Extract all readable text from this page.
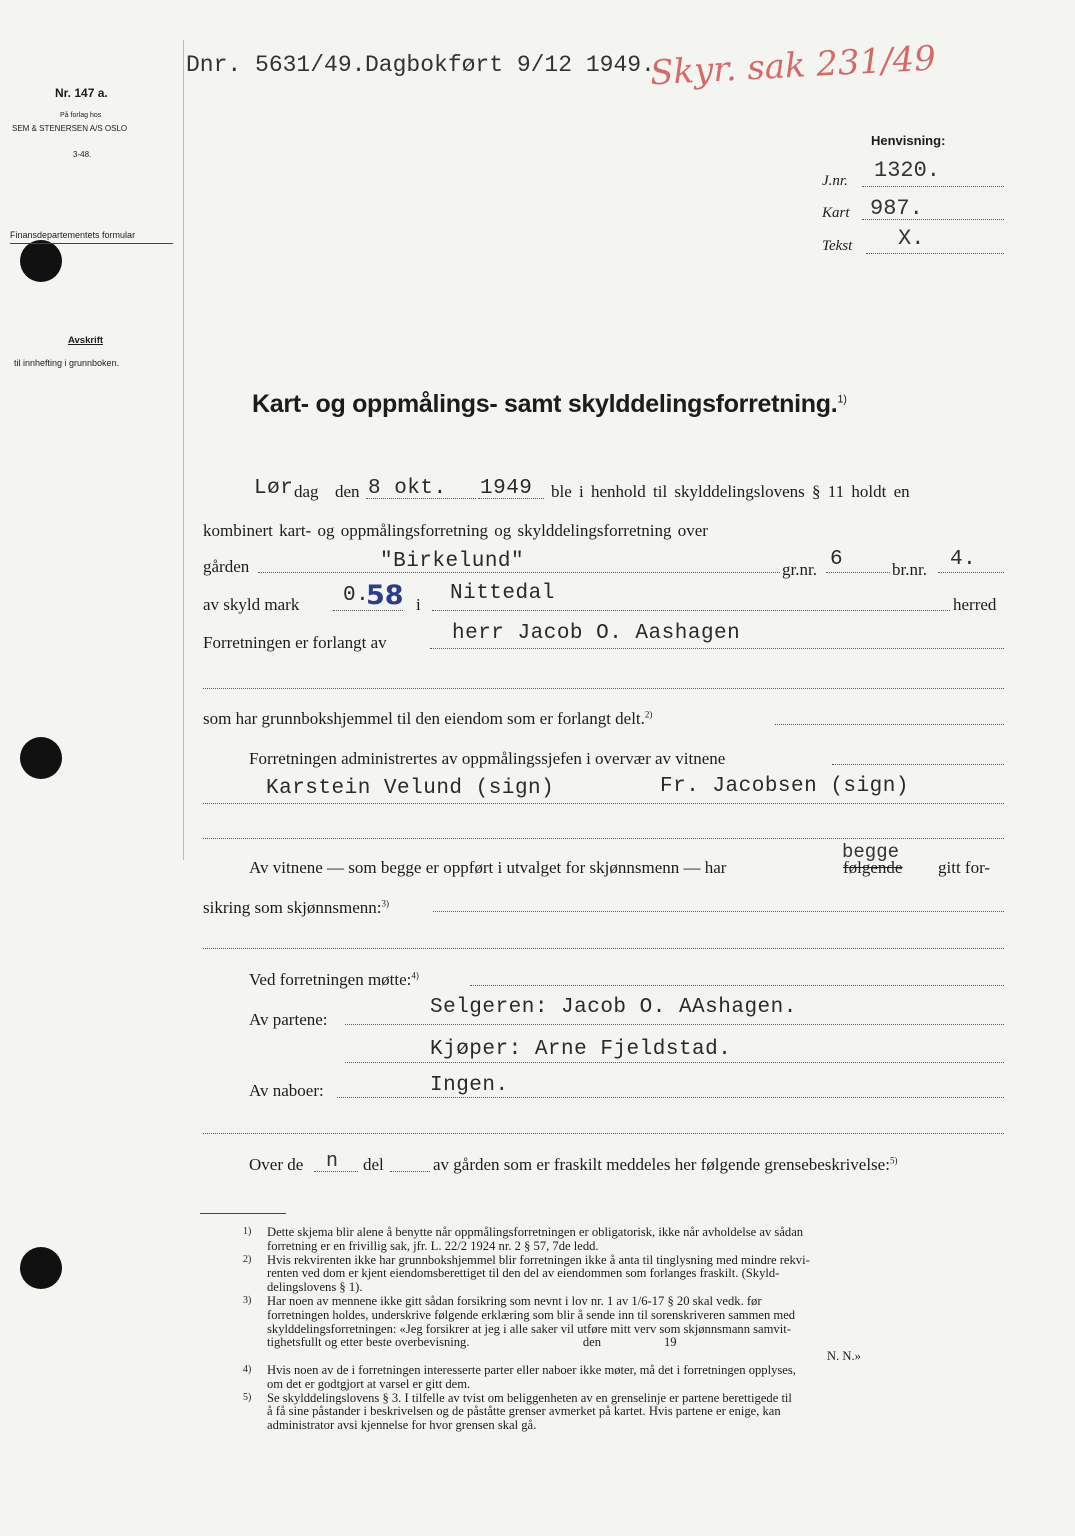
Nr. 147 a.
På forlag hos
SEM & STENERSEN A/S OSLO
3-48.
Finansdepartementets formular
Avskrift
til innhefting i grunnboken.
Dnr. 5631/49. Dagbokført 9/12 1949.
Skyr. sak 231/49
Henvisning:
J.nr. 1320.
Kart 987.
Tekst X.
Kart- og oppmålings- samt skylddelingsforretning.$^{1)}$
Lør dag den 8 okt. 1949 ble i henhold til skylddelingslovens § 11 holdt en
kombinert kart- og oppmålingsforretning og skylddelingsforretning over
gården	"Birkelund"	gr.nr. 6	br.nr. 4.
av skyld mark 0.
58 i Nittedal	herred
Forretningen er forlangt av	herr Jacob O. Aashagen
som har grunnbokshjemmel til den eiendom som er forlangt delt.$^{2)}$
Forretningen administrertes av oppmålingssjefen i overvær av vitnene
Karstein Velund (sign)	Fr. Jacobsen (sign)
Av vitnene — som begge er oppført i utvalget for skjønnsmenn — har	følgende
begge
gitt for-
sikring som skjønnsmenn:$^{3)}$
Ved forretningen møtte:$^{4)}$
Av partene:
Selgeren: Jacob O. AAshagen.
Kjøper: Arne Fjeldstad.
Av naboer:	Ingen.
Over de n del	av gården som er fraskilt meddeles her følgende grensebeskrivelse:$^{5)}$
1) Dette skjema blir alene å benytte når oppmålingsforretningen er obligatorisk, ikke når avholdelse av sådan
forretning er en frivillig sak, jfr. L. 22/2 1924 nr. 2 § 57, 7de ledd.
2) Hvis rekvirenten ikke har grunnbokshjemmel blir forretningen ikke å anta til tinglysning med mindre rekvi-
renten ved dom er kjent eiendomsberettiget til den del av eiendommen som forlanges fraskilt. (Skyld-
delingslovens § 1).
3) Har noen av mennene ikke gitt sådan forsikring som nevnt i lov nr. 1 av 1/6-17 § 20 skal vedk. før
forretningen holdes, underskrive følgende erklæring som blir å sende inn til sorenskriveren sammen med
skylddelingsforretningen: «Jeg forsikrer at jeg i alle saker vil utføre mitt verv som skjønnsmann samvit-
tighetsfullt og etter beste overbevisning.                                    den                    19
N. N.»
4) Hvis noen av de i forretningen interesserte parter eller naboer ikke møter, må det i forretningen opplyses,
om det er godtgjort at varsel er gitt dem.
5) Se skylddelingslovens § 3. I tilfelle av tvist om beliggenheten av en grenselinje er partene berettigede til
å få sine påstander i beskrivelsen og de påståtte grenser avmerket på kartet. Hvis partene er enige, kan
administrator avsi kjennelse for hvor grensen skal gå.
